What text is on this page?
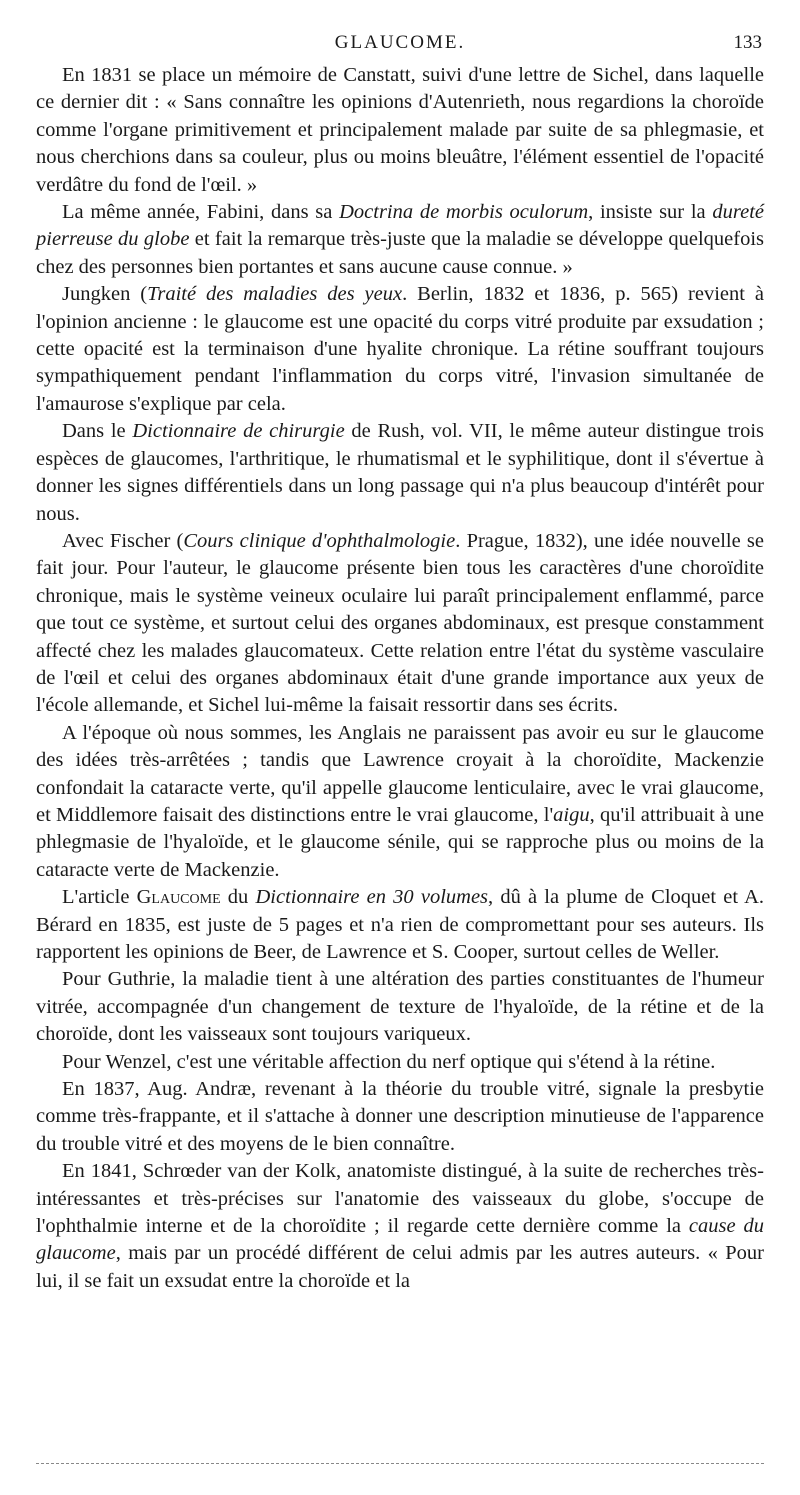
GLAUCOME.	133

En 1831 se place un mémoire de Canstatt, suivi d'une lettre de Sichel, dans laquelle ce dernier dit : « Sans connaître les opinions d'Autenrieth, nous regardions la choroïde comme l'organe primitivement et principalement malade par suite de sa phlegmasie, et nous cherchions dans sa couleur, plus ou moins bleuâtre, l'élément essentiel de l'opacité verdâtre du fond de l'œil. »

La même année, Fabini, dans sa Doctrina de morbis oculorum, insiste sur la dureté pierreuse du globe et fait la remarque très-juste que la maladie se développe quelquefois chez des personnes bien portantes et sans aucune cause connue. »

Jungken (Traité des maladies des yeux. Berlin, 1832 et 1836, p. 565) revient à l'opinion ancienne : le glaucome est une opacité du corps vitré produite par exsudation ; cette opacité est la terminaison d'une hyalite chronique. La rétine souffrant toujours sympathiquement pendant l'inflammation du corps vitré, l'invasion simultanée de l'amaurose s'explique par cela.

Dans le Dictionnaire de chirurgie de Rush, vol. VII, le même auteur distingue trois espèces de glaucomes, l'arthritique, le rhumatismal et le syphilitique, dont il s'évertue à donner les signes différentiels dans un long passage qui n'a plus beaucoup d'intérêt pour nous.

Avec Fischer (Cours clinique d'ophthalmologie. Prague, 1832), une idée nouvelle se fait jour. Pour l'auteur, le glaucome présente bien tous les caractères d'une choroïdite chronique, mais le système veineux oculaire lui paraît principalement enflammé, parce que tout ce système, et surtout celui des organes abdominaux, est presque constamment affecté chez les malades glaucomateux. Cette relation entre l'état du système vasculaire de l'œil et celui des organes abdominaux était d'une grande importance aux yeux de l'école allemande, et Sichel lui-même la faisait ressortir dans ses écrits.

A l'époque où nous sommes, les Anglais ne paraissent pas avoir eu sur le glaucome des idées très-arrêtées ; tandis que Lawrence croyait à la choroïdite, Mackenzie confondait la cataracte verte, qu'il appelle glaucome lenticulaire, avec le vrai glaucome, et Middlemore faisait des distinctions entre le vrai glaucome, l'aigu, qu'il attribuait à une phlegmasie de l'hyaloïde, et le glaucome sénile, qui se rapproche plus ou moins de la cataracte verte de Mackenzie.

L'article Glaucome du Dictionnaire en 30 volumes, dû à la plume de Cloquet et A. Bérard en 1835, est juste de 5 pages et n'a rien de compromettant pour ses auteurs. Ils rapportent les opinions de Beer, de Lawrence et S. Cooper, surtout celles de Weller.

Pour Guthrie, la maladie tient à une altération des parties constituantes de l'humeur vitrée, accompagnée d'un changement de texture de l'hyaloïde, de la rétine et de la choroïde, dont les vaisseaux sont toujours variqueux.

Pour Wenzel, c'est une véritable affection du nerf optique qui s'étend à la rétine.

En 1837, Aug. Andræ, revenant à la théorie du trouble vitré, signale la presbytie comme très-frappante, et il s'attache à donner une description minutieuse de l'apparence du trouble vitré et des moyens de le bien connaître.

En 1841, Schrœder van der Kolk, anatomiste distingué, à la suite de recherches très-intéressantes et très-précises sur l'anatomie des vaisseaux du globe, s'occupe de l'ophthalmie interne et de la choroïdite ; il regarde cette dernière comme la cause du glaucome, mais par un procédé différent de celui admis par les autres auteurs. « Pour lui, il se fait un exsudat entre la choroïde et la
